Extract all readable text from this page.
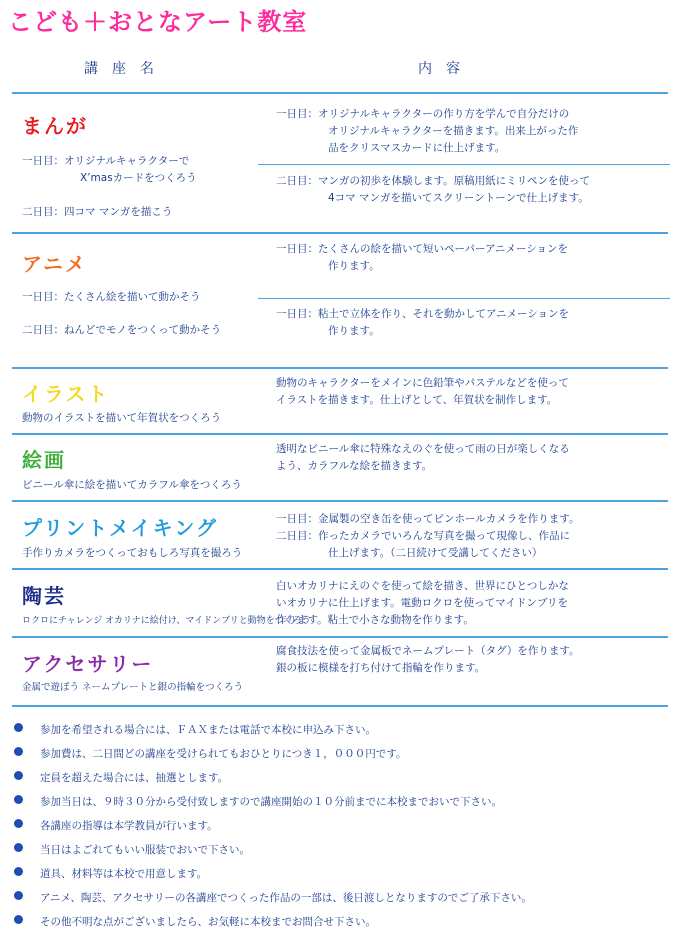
こども＋おとなアート教室
講座名	内容
まんが
一日目：オリジナルキャラクターで
X’masカードをつくろう
二日目：四コマ マンガを描こう
一日目：オリジナルキャラクターの作り方を学んで自分だけの
オリジナルキャラクターを描きます。出来上がった作
品をクリスマスカードに仕上げます。
二日目：マンガの初歩を体験します。原稿用紙にミリペンを使って
4コマ マンガを描いてスクリーントーンで仕上げます。
アニメ
一日目：たくさん絵を描いて動かそう
二日目：ねんどでモノをつくって動かそう
一日目：たくさんの絵を描いて短いペーパーアニメーションを
作ります。
一日目：粘土で立体を作り、それを動かしてアニメーションを
作ります。
イラスト
動物のイラストを描いて年賀状をつくろう
動物のキャラクターをメインに色鉛筆やパステルなどを使って
イラストを描きます。仕上げとして、年賀状を制作します。
絵画
ビニール傘に絵を描いてカラフル傘をつくろう
透明なビニール傘に特殊なえのぐを使って雨の日が楽しくなる
よう、カラフルな絵を描きます。
プリントメイキング
手作りカメラをつくっておもしろ写真を撮ろう
一日目：金属製の空き缶を使ってピンホールカメラを作ります。
二日目：作ったカメラでいろんな写真を撮って現像し、作品に
仕上げます。（二日続けて受講してください）
陶芸
ロクロにチャレンジ オカリナに絵付け、マイドンブリと動物をつくろう
白いオカリナにえのぐを使って絵を描き、世界にひとつしかな
いオカリナに仕上げます。電動ロクロを使ってマイドンブリを
作ります。粘土で小さな動物を作ります。
アクセサリー
金属で遊ぼう ネームプレートと銀の指輪をつくろう
腐食技法を使って金属板でネームプレート（タグ）を作ります。
銀の板に模様を打ち付けて指輪を作ります。
参加を希望される場合には、ＦＡＸまたは電話で本校に申込み下さい。
参加費は、二日間どの講座を受けられてもおひとりにつき１，０００円です。
定員を超えた場合には、抽選とします。
参加当日は、９時３０分から受付致しますので講座開始の１０分前までに本校までおいで下さい。
各講座の指導は本学教員が行います。
当日はよごれてもいい服装でおいで下さい。
道具、材料等は本校で用意します。
アニメ、陶芸、アクセサリーの各講座でつくった作品の一部は、後日渡しとなりますのでご了承下さい。
その他不明な点がございましたら、お気軽に本校までお問合せ下さい。
